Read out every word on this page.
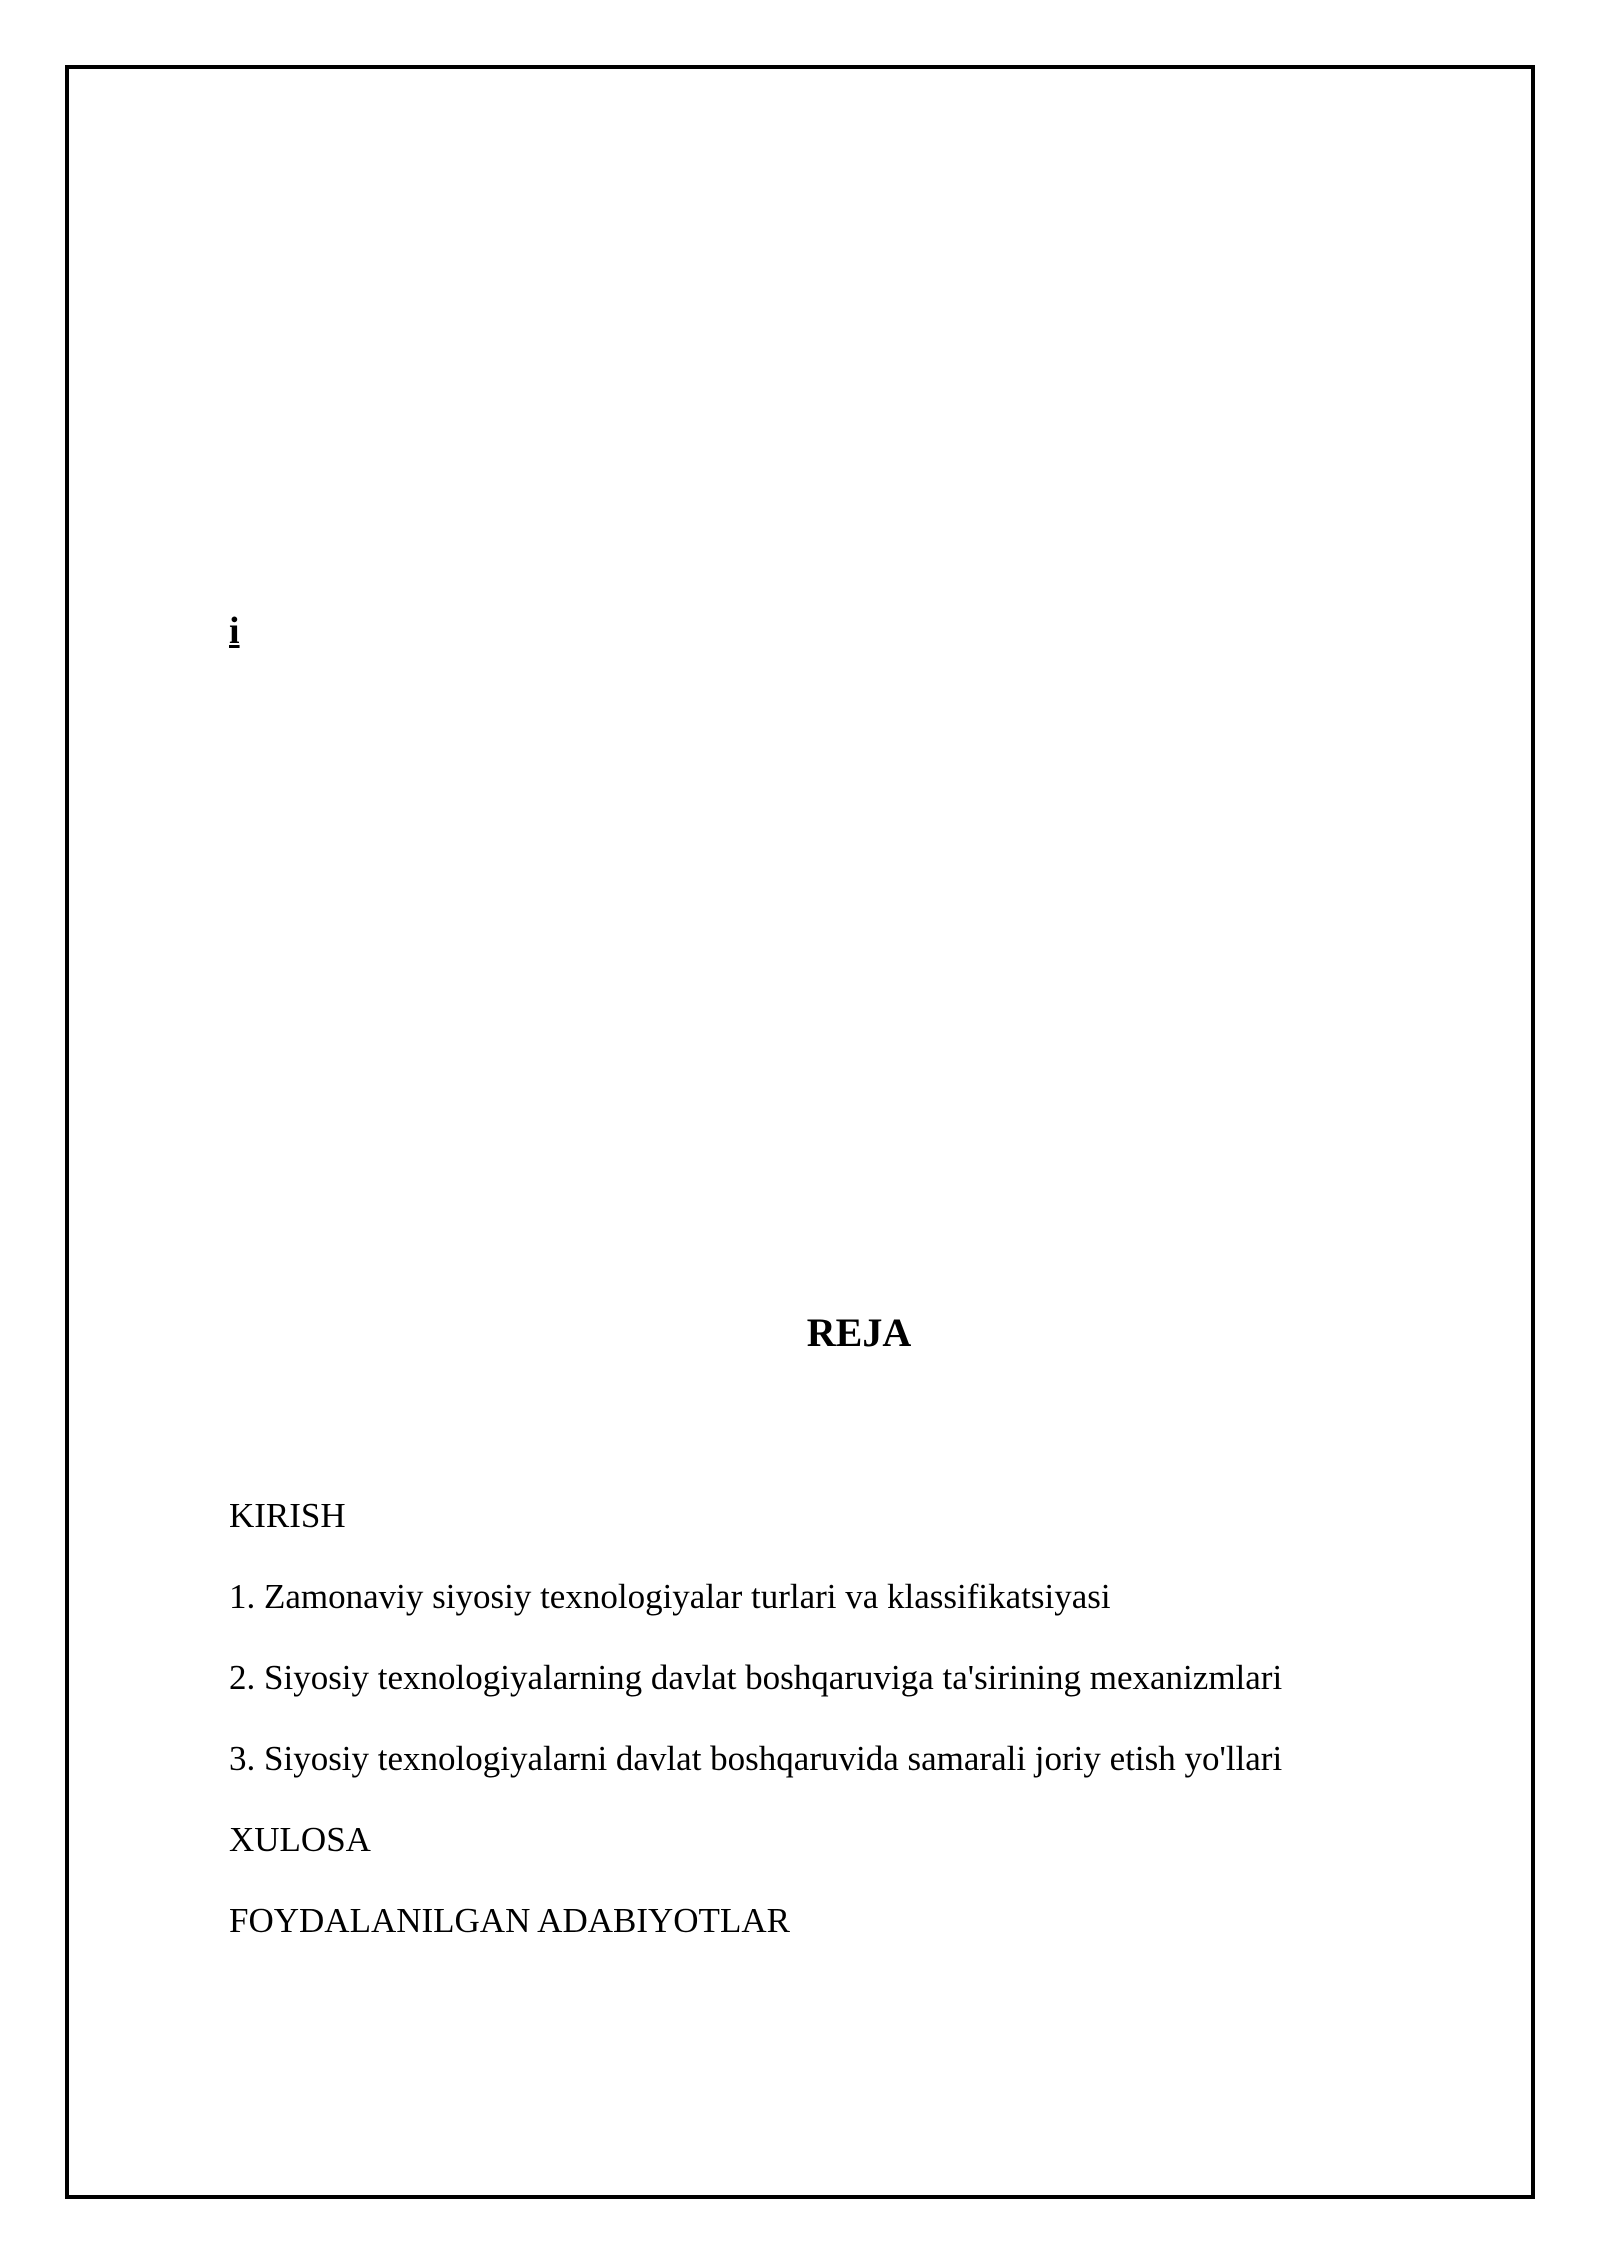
i
REJA
KIRISH
1. Zamonaviy siyosiy texnologiyalar turlari va klassifikatsiyasi
2. Siyosiy texnologiyalarning davlat boshqaruviga ta'sirining mexanizmlari
3. Siyosiy texnologiyalarni davlat boshqaruvida samarali joriy etish yo'llari
XULOSA
FOYDALANILGAN ADABIYOTLAR
